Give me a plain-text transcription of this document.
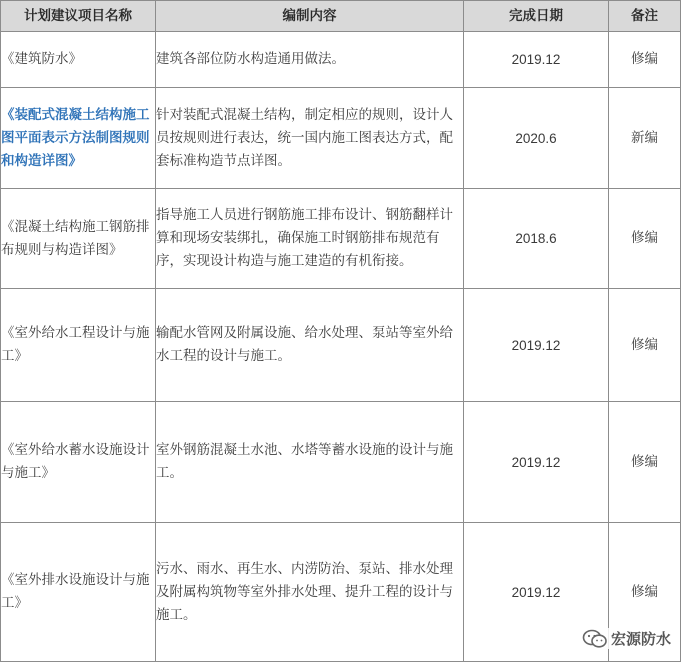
计划建议项目名称	编制内容	完成日期	备注
《建筑防水》	建筑各部位防水构造通用做法。	2019.12	修编
《装配式混凝土结构施工图平面表示方法制图规则和构造详图》	针对装配式混凝土结构，制定相应的规则，设计人员按规则进行表达，统一国内施工图表达方式，配套标准构造节点详图。	2020.6	新编
《混凝土结构施工钢筋排布规则与构造详图》	指导施工人员进行钢筋施工排布设计、钢筋翻样计算和现场安装绑扎，确保施工时钢筋排布规范有序，实现设计构造与施工建造的有机衔接。	2018.6	修编
《室外给水工程设计与施工》	输配水管网及附属设施、给水处理、泵站等室外给水工程的设计与施工。	2019.12	修编
《室外给水蓄水设施设计与施工》	室外钢筋混凝土水池、水塔等蓄水设施的设计与施工。	2019.12	修编
《室外排水设施设计与施工》	污水、雨水、再生水、内涝防治、泵站、排水处理及附属构筑物等室外排水处理、提升工程的设计与施工。	2019.12	修编
宏源防水
